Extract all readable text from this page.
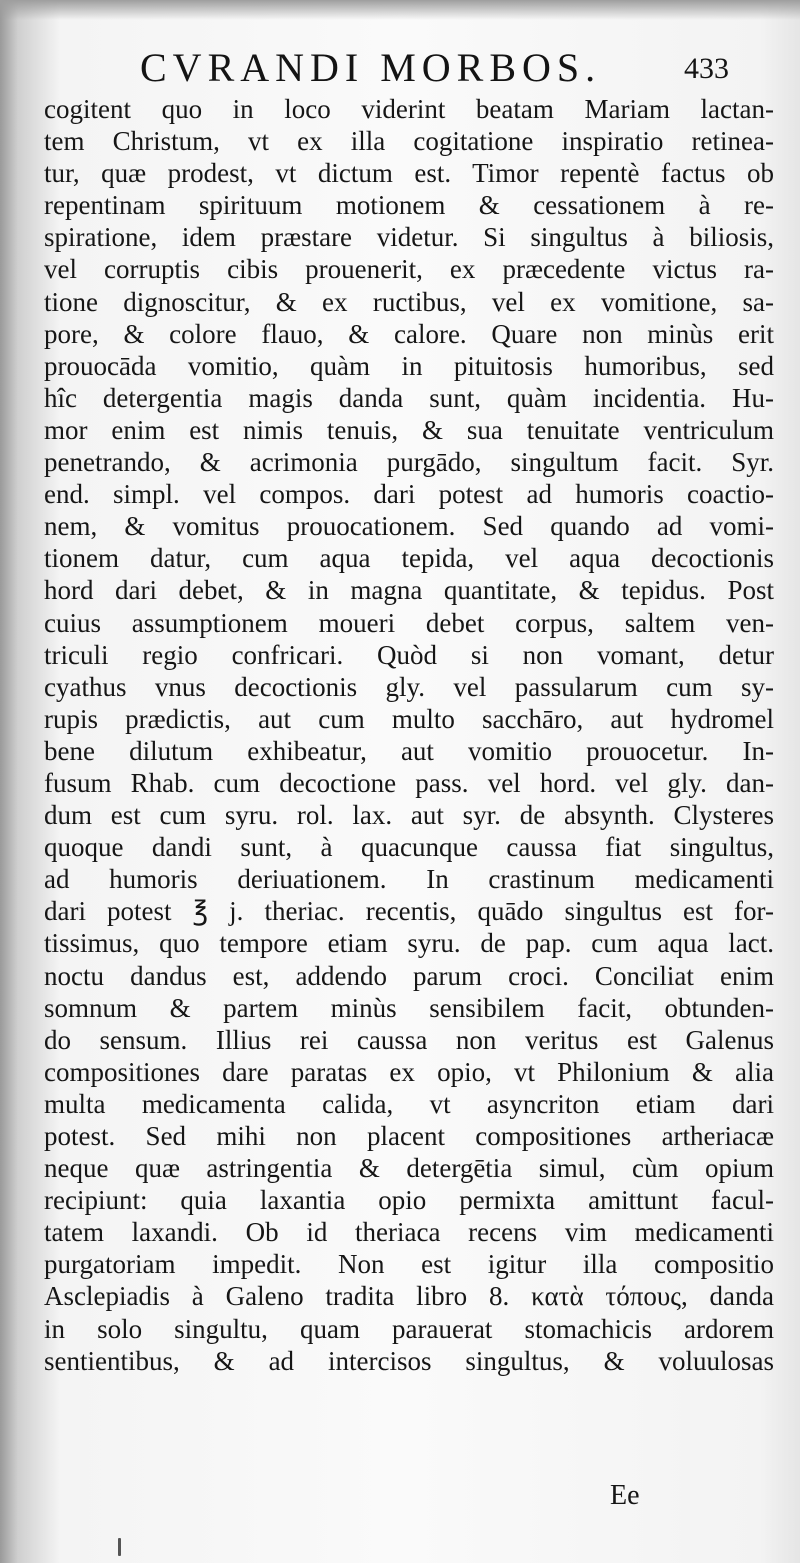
CVRANDI MORBOS.	433
cogitent quo in loco viderint beatam Mariam lactan-
tem Christum, vt ex illa cogitatione inspiratio retinea-
tur, quæ prodest, vt dictum est. Timor repentè factus ob
repentinam spirituum motionem & cessationem à re-
spiratione, idem præstare videtur. Si singultus à biliosis,
vel corruptis cibis prouenerit, ex præcedente victus ra-
tione dignoscitur, & ex ructibus, vel ex vomitione, sa-
pore, & colore flauo, & calore. Quare non minùs erit
prouocāda vomitio, quàm in pituitosis humoribus, sed
hîc detergentia magis danda sunt, quàm incidentia. Hu-
mor enim est nimis tenuis, & sua tenuitate ventriculum
penetrando, & acrimonia purgādo, singultum facit. Syr.
end. simpl. vel compos. dari potest ad humoris coactio-
nem, & vomitus prouocationem. Sed quando ad vomi-
tionem datur, cum aqua tepida, vel aqua decoctionis
hord dari debet, & in magna quantitate, & tepidus. Post
cuius assumptionem moueri debet corpus, saltem ven-
triculi regio confricari. Quòd si non vomant, detur
cyathus vnus decoctionis gly. vel passularum cum sy-
rupis prædictis, aut cum multo sacchāro, aut hydromel
bene dilutum exhibeatur, aut vomitio prouocetur. In-
fusum Rhab. cum decoctione pass. vel hord. vel gly. dan-
dum est cum syru. rol. lax. aut syr. de absynth. Clysteres
quoque dandi sunt, à quacunque caussa fiat singultus,
ad humoris deriuationem. In crastinum medicamenti
dari potest ℥ j. theriac. recentis, quādo singultus est for-
tissimus, quo tempore etiam syru. de pap. cum aqua lact.
noctu dandus est, addendo parum croci. Conciliat enim
somnum & partem minùs sensibilem facit, obtunden-
do sensum. Illius rei caussa non veritus est Galenus
compositiones dare paratas ex opio, vt Philonium & alia
multa medicamenta calida, vt asyncriton etiam dari
potest. Sed mihi non placent compositiones artheriacæ
neque quæ astringentia & detergētia simul, cùm opium
recipiunt: quia laxantia opio permixta amittunt facul-
tatem laxandi. Ob id theriaca recens vim medicamenti
purgatoriam impedit. Non est igitur illa compositio
Asclepiadis à Galeno tradita libro 8. κατὰ τόπους, danda
in solo singultu, quam parauerat stomachicis ardorem
sentientibus, & ad intercisos singultus, & voluulosas
Ee
